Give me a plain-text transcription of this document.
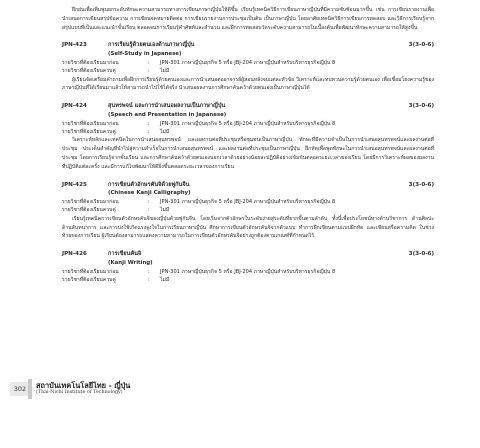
ฝึกฝนเพื่อเพิ่มพูนยกระดับทักษะความสามารถทางการเขียนภาษาญี่ปุ่นให้ดีขึ้น เรียนรู้เทคนิควิธีการเขียนภาษาญี่ปุ่นที่มีความซับซ้อนมากขึ้น เช่น การเขียนรายงานเพื่อนำเสนอการเขียนสรุปข้อความ การเขียนจดหมายติดต่อ การเขียนรายงานการประชุมเป็นต้น เป็นภาษาญี่ปุ่น โดยอาศัยเทคนิควิธีการเขียนการทดสอบ และวิธีการเรียนรู้จากสรุปแบบที่เป็นและแนะนำขั้นเรียน ตลอดจนการเรียนรู้คำศัพท์และสำนวน และฝึกการทดสอบวัดระดับความสามารถในเบื้องต้นเพื่อพัฒนาทักษะความสามารถให้สูงขึ้น

JPN-423	การเรียนรู้ด้วยตนเองด้านภาษาญี่ปุ่น	3(3-0-6)
(Self-Study in Japanese)
รายวิชาที่ต้องเรียนมาก่อน	:	JPN-301 ภาษาญี่ปุ่นธุรกิจ 5 หรือ JBJ-204 ภาษาญี่ปุ่นสำหรับบริหารธุรกิจญี่ปุ่น 8
รายวิชาที่ต้องเรียนควบคู่	:	ไม่มี

ผู้เรียนจัดเตรียมคำถามเพื่อฝึกการเรียนรู้ด้วยตนเองและการนำเสนอต่ออาจารย์ผู้สอนหลังจบแต่ละหัวข้อ วิเคราะห์และทบทวนความรู้ด้วยตนเอง เพื่อเชื่อมโยงความรู้ของภาษาญี่ปุ่นที่ได้เรียนมาแล้วให้สามารถนำไปใช้ได้จริง นำเสนอผลงานการศึกษาค้นคว้าด้วยตนเองเป็นภาษาญี่ปุ่นได้

JPN-424	สุนทรพจน์ และการนำเสนอผลงานเป็นภาษาญี่ปุ่น	3(3-0-6)
(Speech and Presentation in Japanese)
รายวิชาที่ต้องเรียนมาก่อน	:	JPN-301 ภาษาญี่ปุ่นธุรกิจ 5 หรือ JBJ-204 ภาษาญี่ปุ่นสำหรับบริหารธุรกิจญี่ปุ่น 8
รายวิชาที่ต้องเรียนควบคู่	:	ไม่มี

วิเคราะห์หลักและเทคนิคในการนำเสนอสุนทรพจน์ และผลงานต่อที่ประชุมหรือชุมชนเป็นภาษาญี่ปุ่น ทักษะที่มีความจำเป็นในการนำเสนอสุนทรพจน์และผลงานต่อที่ประชุม ประเด็นสำคัญที่นำไปสู่ความสำเร็จในการนำเสนอสุนทรพจน์ และผลงานต่อที่ประชุมเป็นภาษาญี่ปุ่น ฝึกหัดเพื่อพูดทักษะในการนำเสนอสุนทรพจน์และผลงานต่อที่ประชุม โดยการเรียนรู้จากชั้นเรียน และการศึกษาค้นคว้าด้วยตนเองนอกเวลาด้วยอย่างน้อยละปฏิบัติอย่างเข้มข้นตลอดระยะเวลาของเรียน โดยมีการวิเคราะห์ผลของผลงานที่ปฏิบัติแต่ละครั้ง และมีการแก้ไขพัฒนาให้ดียิ่งขึ้นตลอดระยะเวลาของการเรียน

JPN-425	การเขียนตัวอักษรคันจิด้วยพู่กันจีน	3(3-0-6)
(Chinese Kanji Calligraphy)
รายวิชาที่ต้องเรียนมาก่อน	:	JPN-301 ภาษาญี่ปุ่นธุรกิจ 5 หรือ JBJ-204 ภาษาญี่ปุ่นสำหรับบริหารธุรกิจญี่ปุ่น 8
รายวิชาที่ต้องเรียนควบคู่	:	ไม่มี

เรียนรู้เทคนิคการเขียนตัวอักษรคันจิของญี่ปุ่นด้วยพู่กันจีน โดยเริ่มจากตัวอักษรในระดับง่ายสู่ระดับที่ยากขึ้นตามลำดับ ทั้งนี้เพื่อประโยชน์ทางด้านวิชาการ ด้านศิลปะ ด้านสันทนาการ และการบ่งใช้เกิดแรงจูงใจในการเรียนภาษาญี่ปุ่น ศึกษาการเขียนตัวอักษรคันจิจากตัวแบบ ทำการฝึกเขียนตามแบบฝึกหัด และเขียนหรือความคิด ในช่วงท้ายของการเรียน ผู้เรียนต้องสามารถแสดงความสามารถในการเขียนตัวอักษรคันจิอย่างถูกต้องตามเกณฑ์ที่กำหนดไว้

JPN-426	การเขียนคันจิ	3(3-0-6)
(Kanji Writing)
รายวิชาที่ต้องเรียนมาก่อน	:	JPN-301 ภาษาญี่ปุ่นธุรกิจ 5 หรือ JBJ-204 ภาษาญี่ปุ่นสำหรับบริหารธุรกิจญี่ปุ่น 8
รายวิชาที่ต้องเรียนควบคู่	:	ไม่มี
302	สถาบันเทคโนโลยีไทย - ญี่ปุ่น
(Thai-Nichi Institute of Technology)
